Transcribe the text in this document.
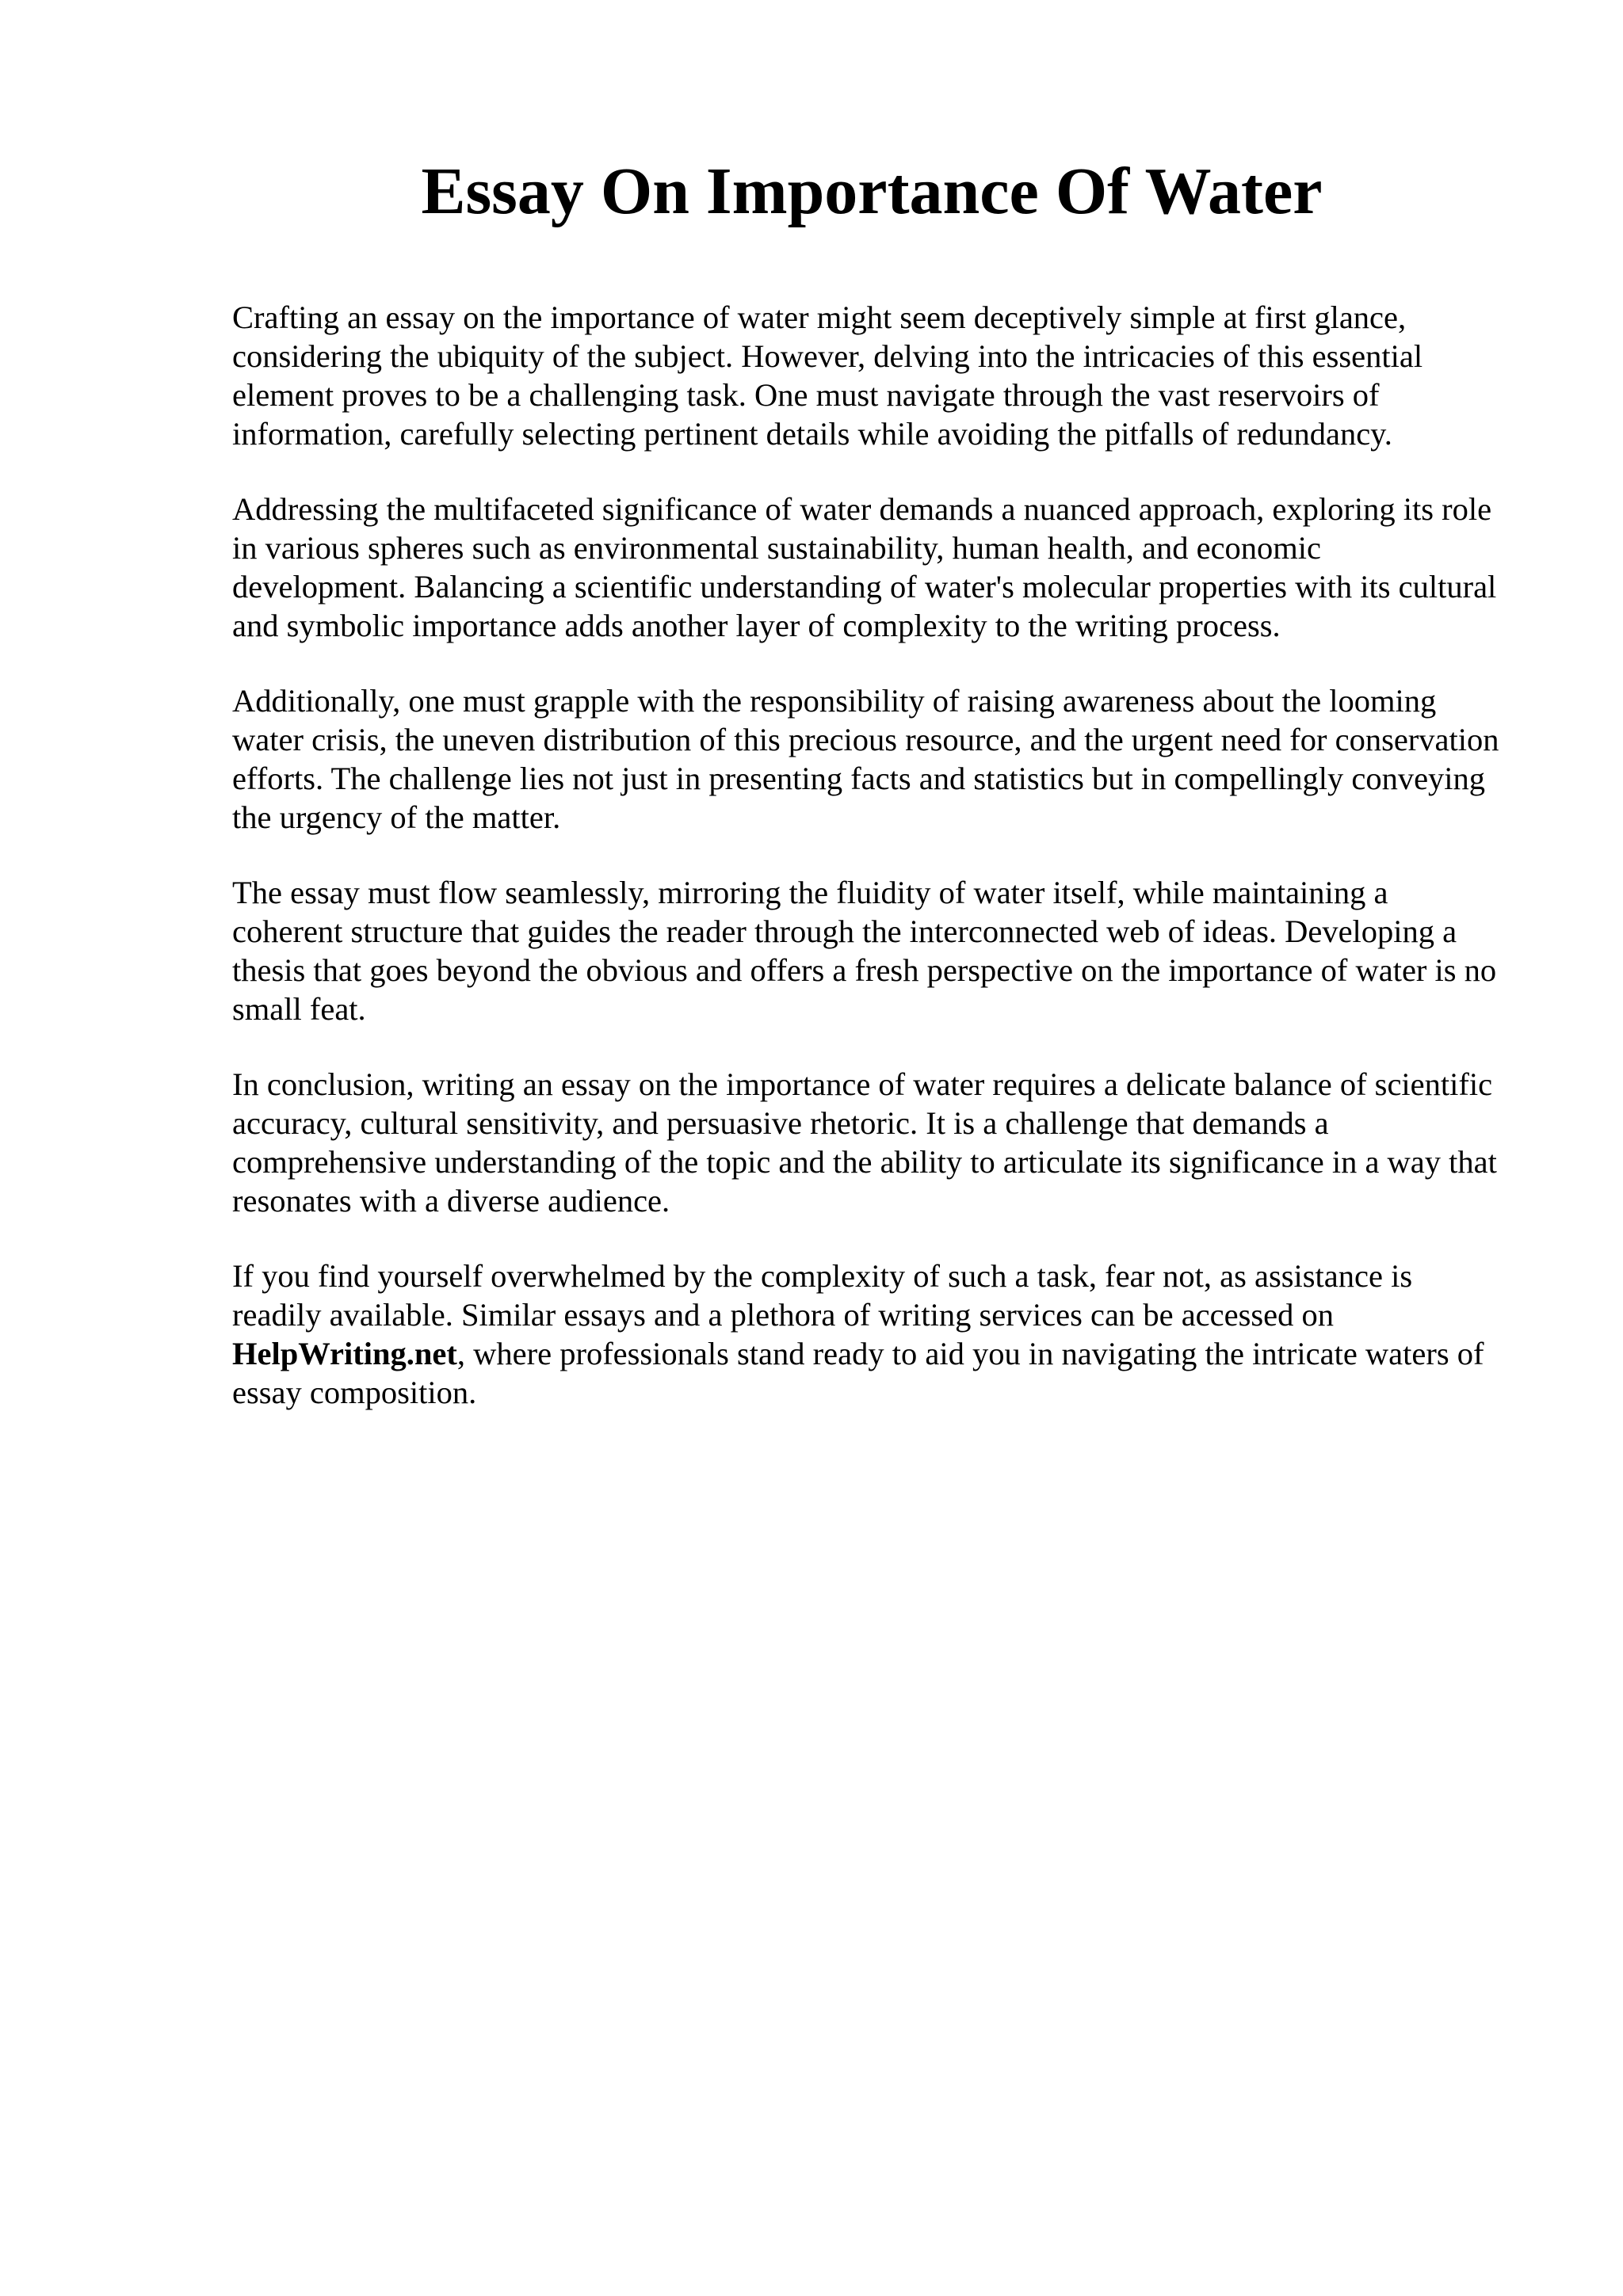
Essay On Importance Of Water

Crafting an essay on the importance of water might seem deceptively simple at first glance, considering the ubiquity of the subject. However, delving into the intricacies of this essential element proves to be a challenging task. One must navigate through the vast reservoirs of information, carefully selecting pertinent details while avoiding the pitfalls of redundancy.

Addressing the multifaceted significance of water demands a nuanced approach, exploring its role in various spheres such as environmental sustainability, human health, and economic development. Balancing a scientific understanding of water's molecular properties with its cultural and symbolic importance adds another layer of complexity to the writing process.

Additionally, one must grapple with the responsibility of raising awareness about the looming water crisis, the uneven distribution of this precious resource, and the urgent need for conservation efforts. The challenge lies not just in presenting facts and statistics but in compellingly conveying the urgency of the matter.

The essay must flow seamlessly, mirroring the fluidity of water itself, while maintaining a coherent structure that guides the reader through the interconnected web of ideas. Developing a thesis that goes beyond the obvious and offers a fresh perspective on the importance of water is no small feat.

In conclusion, writing an essay on the importance of water requires a delicate balance of scientific accuracy, cultural sensitivity, and persuasive rhetoric. It is a challenge that demands a comprehensive understanding of the topic and the ability to articulate its significance in a way that resonates with a diverse audience.

If you find yourself overwhelmed by the complexity of such a task, fear not, as assistance is readily available. Similar essays and a plethora of writing services can be accessed on HelpWriting.net, where professionals stand ready to aid you in navigating the intricate waters of essay composition.
